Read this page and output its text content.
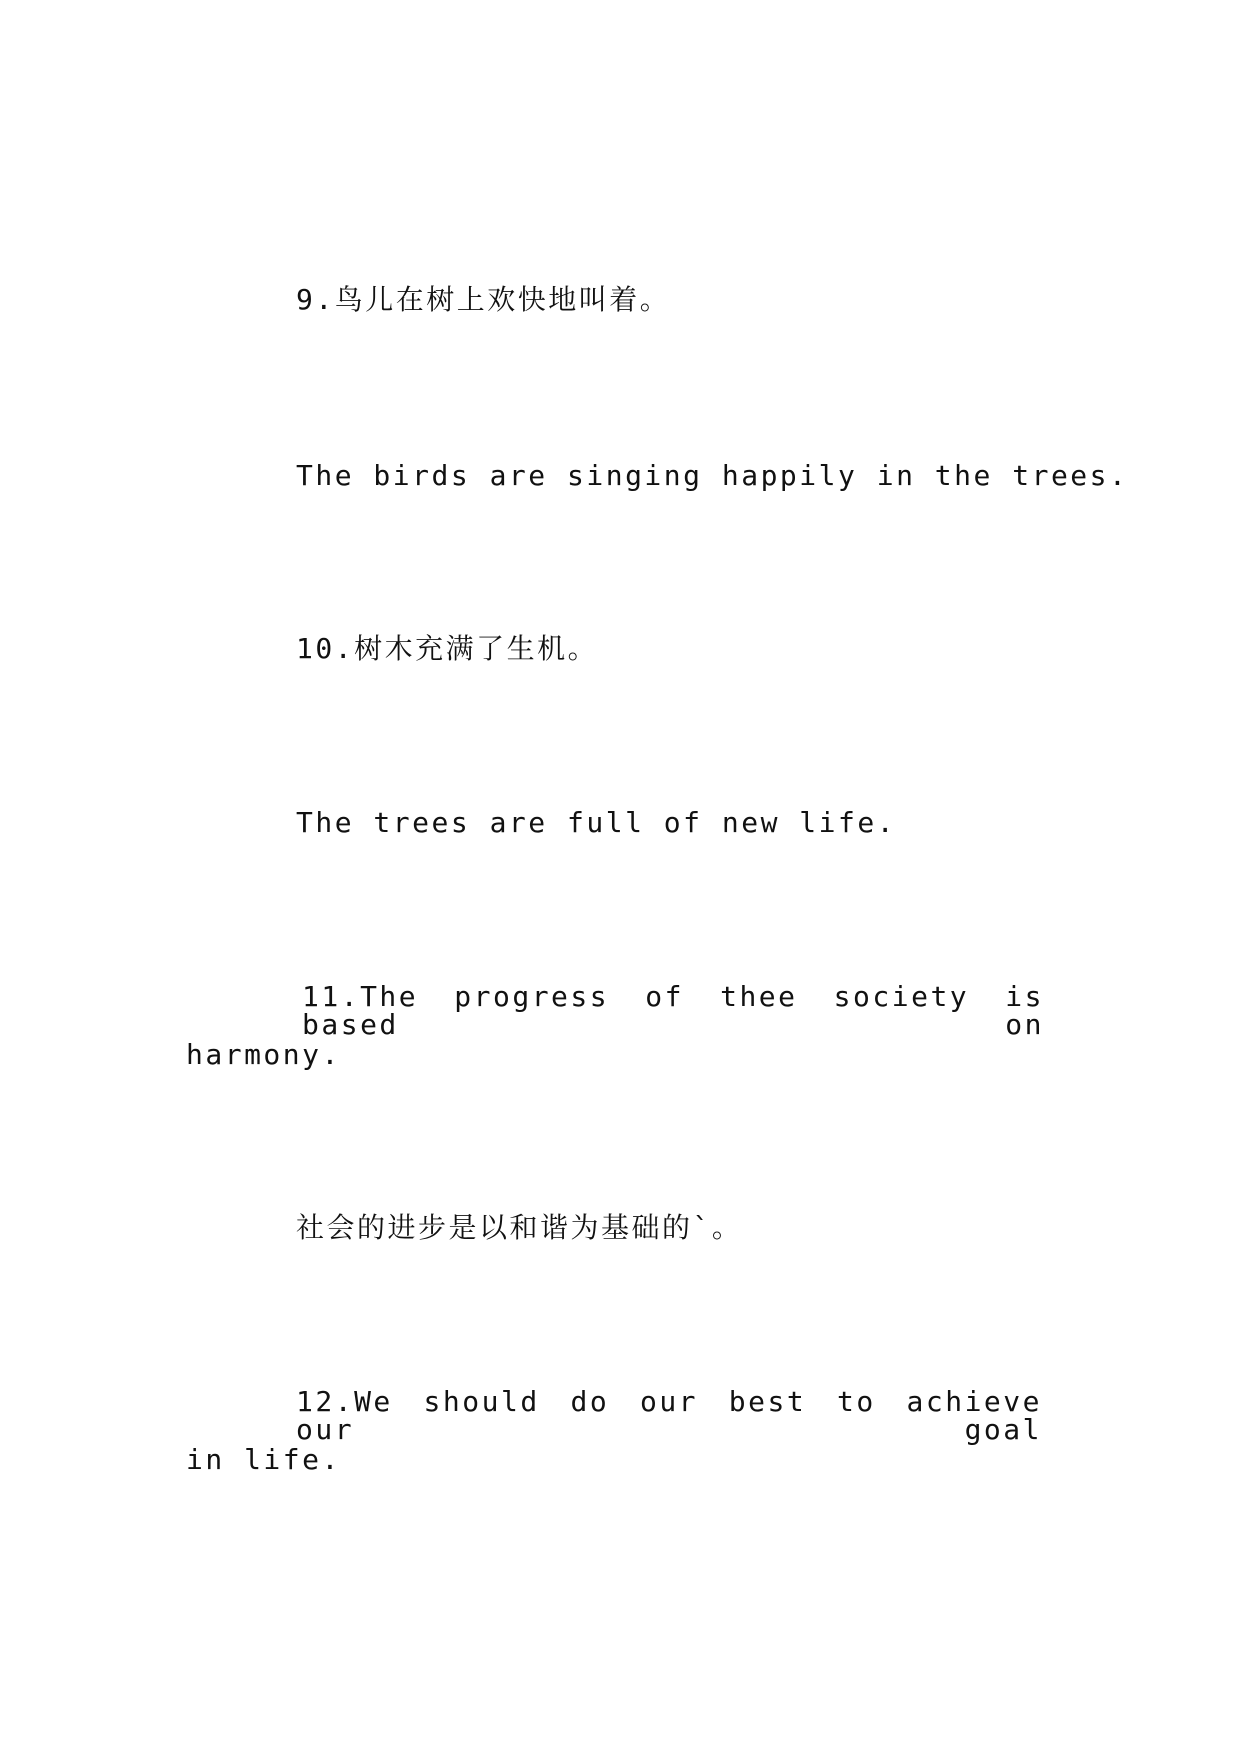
9.鸟儿在树上欢快地叫着。
The birds are singing happily in the trees.
10.树木充满了生机。
The trees are full of new life.
11.The progress of thee society is based on
harmony.
社会的进步是以和谐为基础的`。
12.We should do our best to achieve our goal
in life.
